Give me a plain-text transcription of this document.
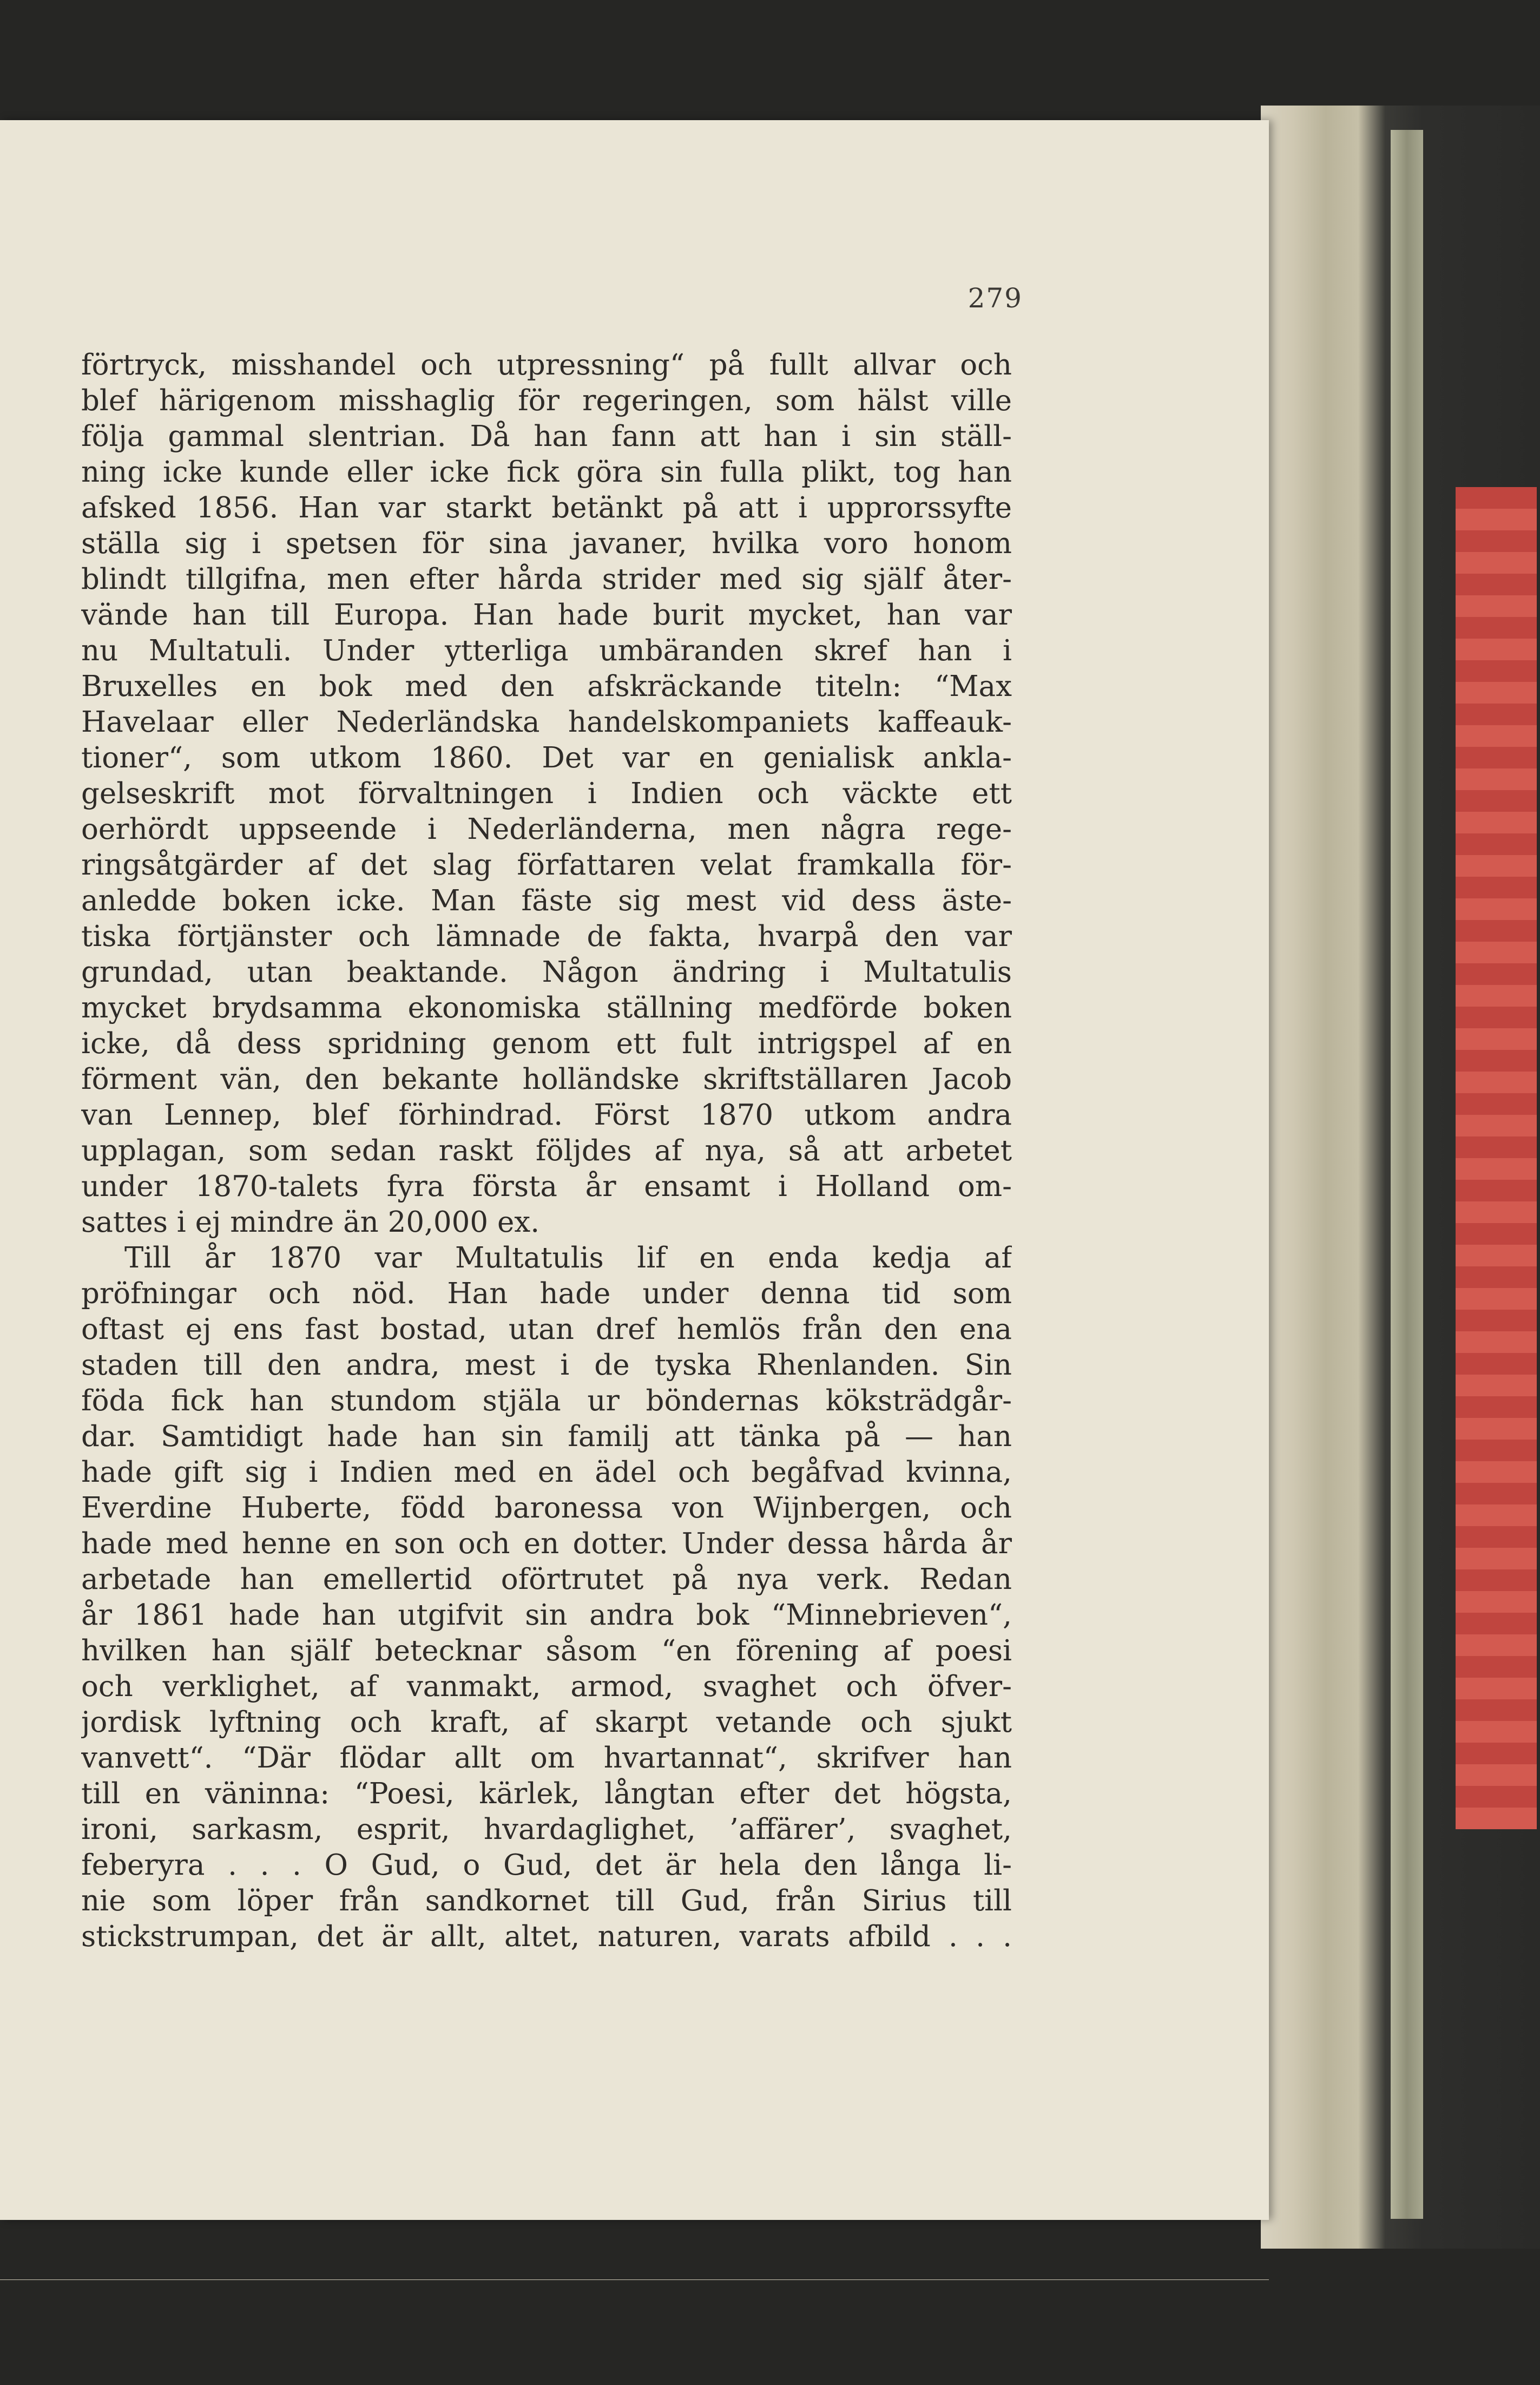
279
förtryck, misshandel och utpressning“ på fullt allvar och
blef härigenom misshaglig för regeringen, som hälst ville
följa gammal slentrian. Då han fann att han i sin ställ-
ning icke kunde eller icke fick göra sin fulla plikt, tog han
afsked 1856. Han var starkt betänkt på att i upprorssyfte
ställa sig i spetsen för sina javaner, hvilka voro honom
blindt tillgifna, men efter hårda strider med sig själf åter-
vände han till Europa. Han hade burit mycket, han var
nu Multatuli. Under ytterliga umbäranden skref han i
Bruxelles en bok med den afskräckande titeln: “Max
Havelaar eller Nederländska handelskompaniets kaffeauk-
tioner“, som utkom 1860. Det var en genialisk ankla-
gelseskrift mot förvaltningen i Indien och väckte ett
oerhördt uppseende i Nederländerna, men några rege-
ringsåtgärder af det slag författaren velat framkalla för-
anledde boken icke. Man fäste sig mest vid dess äste-
tiska förtjänster och lämnade de fakta, hvarpå den var
grundad, utan beaktande. Någon ändring i Multatulis
mycket brydsamma ekonomiska ställning medförde boken
icke, då dess spridning genom ett fult intrigspel af en
förment vän, den bekante holländske skriftställaren Jacob
van Lennep, blef förhindrad. Först 1870 utkom andra
upplagan, som sedan raskt följdes af nya, så att arbetet
under 1870-talets fyra första år ensamt i Holland om-
sattes i ej mindre än 20,000 ex.
Till år 1870 var Multatulis lif en enda kedja af
pröfningar och nöd. Han hade under denna tid som
oftast ej ens fast bostad, utan dref hemlös från den ena
staden till den andra, mest i de tyska Rhenlanden. Sin
föda fick han stundom stjäla ur böndernas köksträdgår-
dar. Samtidigt hade han sin familj att tänka på — han
hade gift sig i Indien med en ädel och begåfvad kvinna,
Everdine Huberte, född baronessa von Wijnbergen, och
hade med henne en son och en dotter. Under dessa hårda år
arbetade han emellertid oförtrutet på nya verk. Redan
år 1861 hade han utgifvit sin andra bok “Minnebrieven“,
hvilken han själf betecknar såsom “en förening af poesi
och verklighet, af vanmakt, armod, svaghet och öfver-
jordisk lyftning och kraft, af skarpt vetande och sjukt
vanvett“. “Där flödar allt om hvartannat“, skrifver han
till en väninna: “Poesi, kärlek, långtan efter det högsta,
ironi, sarkasm, esprit, hvardaglighet, ’affärer’, svaghet,
feberyra . . . O Gud, o Gud, det är hela den långa li-
nie som löper från sandkornet till Gud, från Sirius till
stickstrumpan, det är allt, altet, naturen, varats afbild . . .
